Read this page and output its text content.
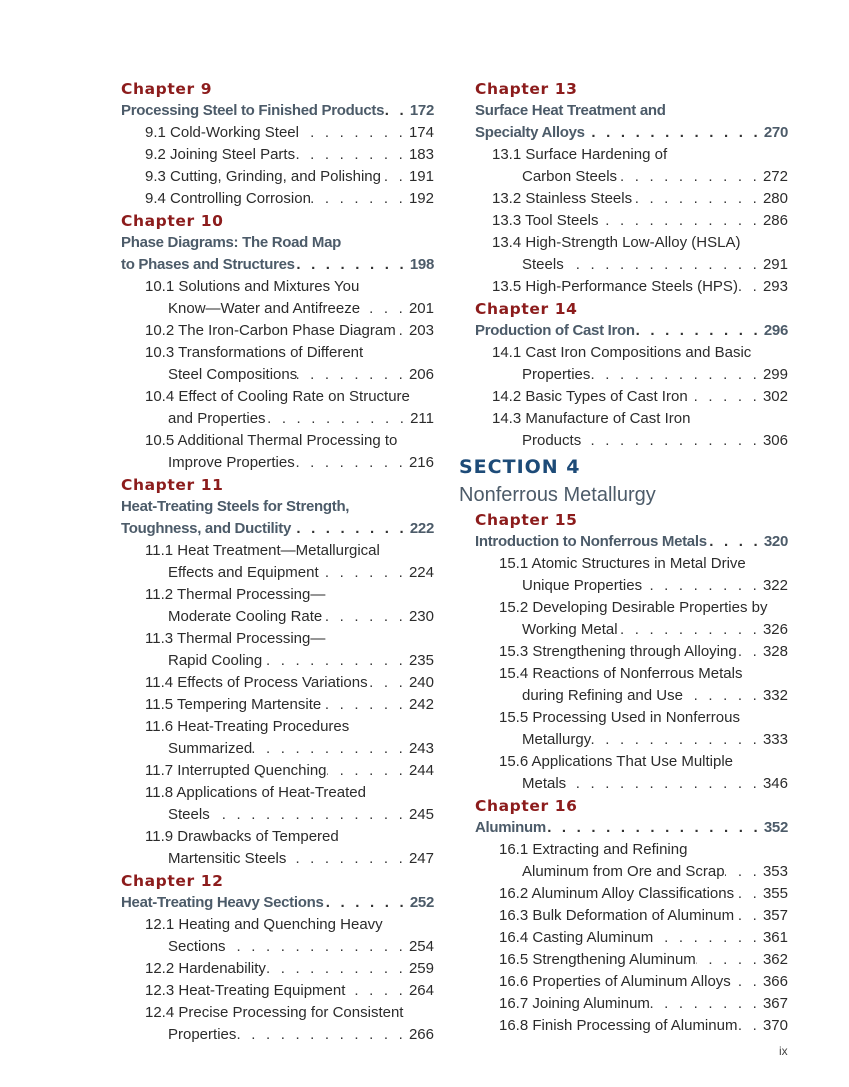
Chapter 9
Processing Steel to Finished Products . . . 172
9.1 Cold-Working Steel . . .	174
9.2 Joining Steel Parts . . .	183
9.3 Cutting, Grinding, and Polishing . . . 191
9.4 Controlling Corrosion . . .	192
Chapter 10
Phase Diagrams: The Road Map
to Phases and Structures . . .	198
10.1 Solutions and Mixtures You
Know—Water and Antifreeze . . .	201
10.2 The Iron-Carbon Phase Diagram . . . 203
10.3 Transformations of Different
Steel Compositions . . .	206
10.4 Effect of Cooling Rate on Structure
and Properties . . .	211
10.5 Additional Thermal Processing to
Improve Properties . . .	216
Chapter 11
Heat-Treating Steels for Strength,
Toughness, and Ductility . . .	222
11.1 Heat Treatment—Metallurgical
Effects and Equipment . . .	224
11.2 Thermal Processing—
Moderate Cooling Rate . . .	230
11.3 Thermal Processing—
Rapid Cooling . . .	235
11.4 Effects of Process Variations . . .	240
11.5 Tempering Martensite . . .	242
11.6 Heat-Treating Procedures
Summarized . . .	243
11.7 Interrupted Quenching . . .	244
11.8 Applications of Heat-Treated
Steels . . .	245
11.9 Drawbacks of Tempered
Martensitic Steels . . .	247
Chapter 12
Heat-Treating Heavy Sections . . .	252
12.1 Heating and Quenching Heavy
Sections . . .	254
12.2 Hardenability . . .	259
12.3 Heat-Treating Equipment . . .	264
12.4 Precise Processing for Consistent
Properties . . .	266
Chapter 13
Surface Heat Treatment and
Specialty Alloys . . .	270
13.1 Surface Hardening of
Carbon Steels . . .	272
13.2 Stainless Steels . . .	280
13.3 Tool Steels . . .	286
13.4 High-Strength Low-Alloy (HSLA)
Steels . . .	291
13.5 High-Performance Steels (HPS) . . . 293
Chapter 14
Production of Cast Iron . . .	296
14.1 Cast Iron Compositions and Basic
Properties . . .	299
14.2 Basic Types of Cast Iron . . .	302
14.3 Manufacture of Cast Iron
Products . . .	306
SECTION 4
Nonferrous Metallurgy
Chapter 15
Introduction to Nonferrous Metals . . .	320
15.1 Atomic Structures in Metal Drive
Unique Properties . . .	322
15.2 Developing Desirable Properties by
Working Metal . . .	326
15.3 Strengthening through Alloying . . . 328
15.4 Reactions of Nonferrous Metals
during Refining and Use . . .	332
15.5 Processing Used in Nonferrous
Metallurgy . . .	333
15.6 Applications That Use Multiple
Metals . . .	346
Chapter 16
Aluminum . . .	352
16.1 Extracting and Refining
Aluminum from Ore and Scrap . . .	353
16.2 Aluminum Alloy Classifications . . . 355
16.3 Bulk Deformation of Aluminum . . . 357
16.4 Casting Aluminum . . .	361
16.5 Strengthening Aluminum . . .	362
16.6 Properties of Aluminum Alloys . . . 366
16.7 Joining Aluminum . . .	367
16.8 Finish Processing of Aluminum . . . 370
ix
